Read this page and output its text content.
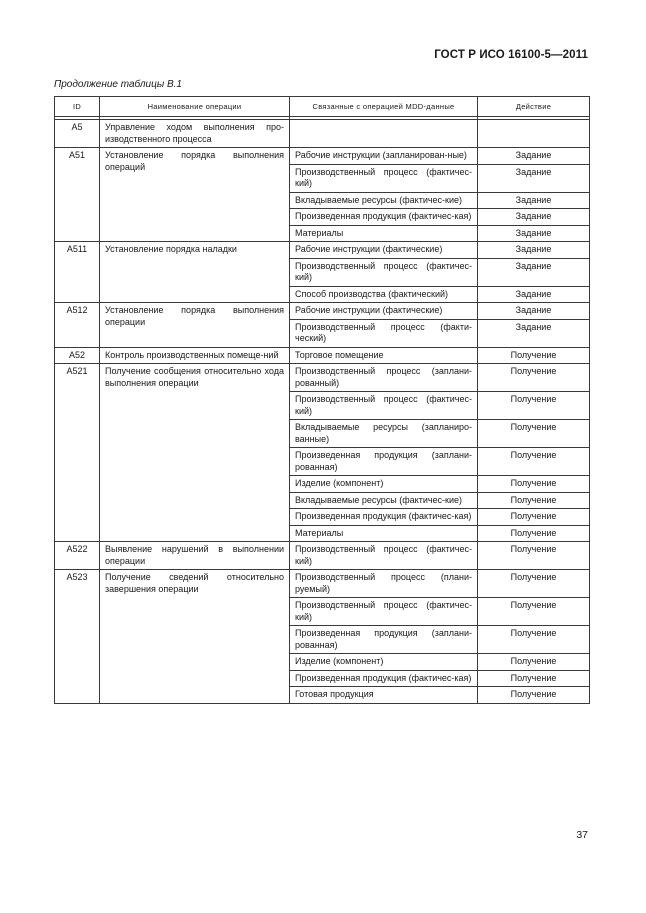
ГОСТ Р ИСО 16100-5—2011
Продолжение таблицы В.1
ID	Наименование операции	Связанные с операцией MDD-данные	Действие

A5	Управление ходом выполнения про-изводственного процесса		
A51	Установление порядка выполнения операций	Рабочие инструкции (запланирован-ные)	Задание
		Производственный процесс (фактичес-кий)	Задание
		Вкладываемые ресурсы (фактичес-кие)	Задание
		Произведенная продукция (фактичес-кая)	Задание
		Материалы	Задание
A511	Установление порядка наладки	Рабочие инструкции (фактические)	Задание
		Производственный процесс (фактичес-кий)	Задание
		Способ производства (фактический)	Задание
A512	Установление порядка выполнения операции	Рабочие инструкции (фактические)	Задание
		Производственный процесс (факти-ческий)	Задание
A52	Контроль производственных помеще-ний	Торговое помещение	Получение
A521	Получение сообщения относительно хода выполнения операции	Производственный процесс (заплани-рованный)	Получение
		Производственный процесс (фактичес-кий)	Получение
		Вкладываемые ресурсы (запланиро-ванные)	Получение
		Произведенная продукция (заплани-рованная)	Получение
		Изделие (компонент)	Получение
		Вкладываемые ресурсы (фактичес-кие)	Получение
		Произведенная продукция (фактичес-кая)	Получение
		Материалы	Получение
A522	Выявление нарушений в выполнении операции	Производственный процесс (фактичес-кий)	Получение
A523	Получение сведений относительно завершения операции	Производственный процесс (плани-руемый)	Получение
		Производственный процесс (фактичес-кий)	Получение
		Произведенная продукция (заплани-рованная)	Получение
		Изделие (компонент)	Получение
		Произведенная продукция (фактичес-кая)	Получение
		Готовая продукция	Получение
37
